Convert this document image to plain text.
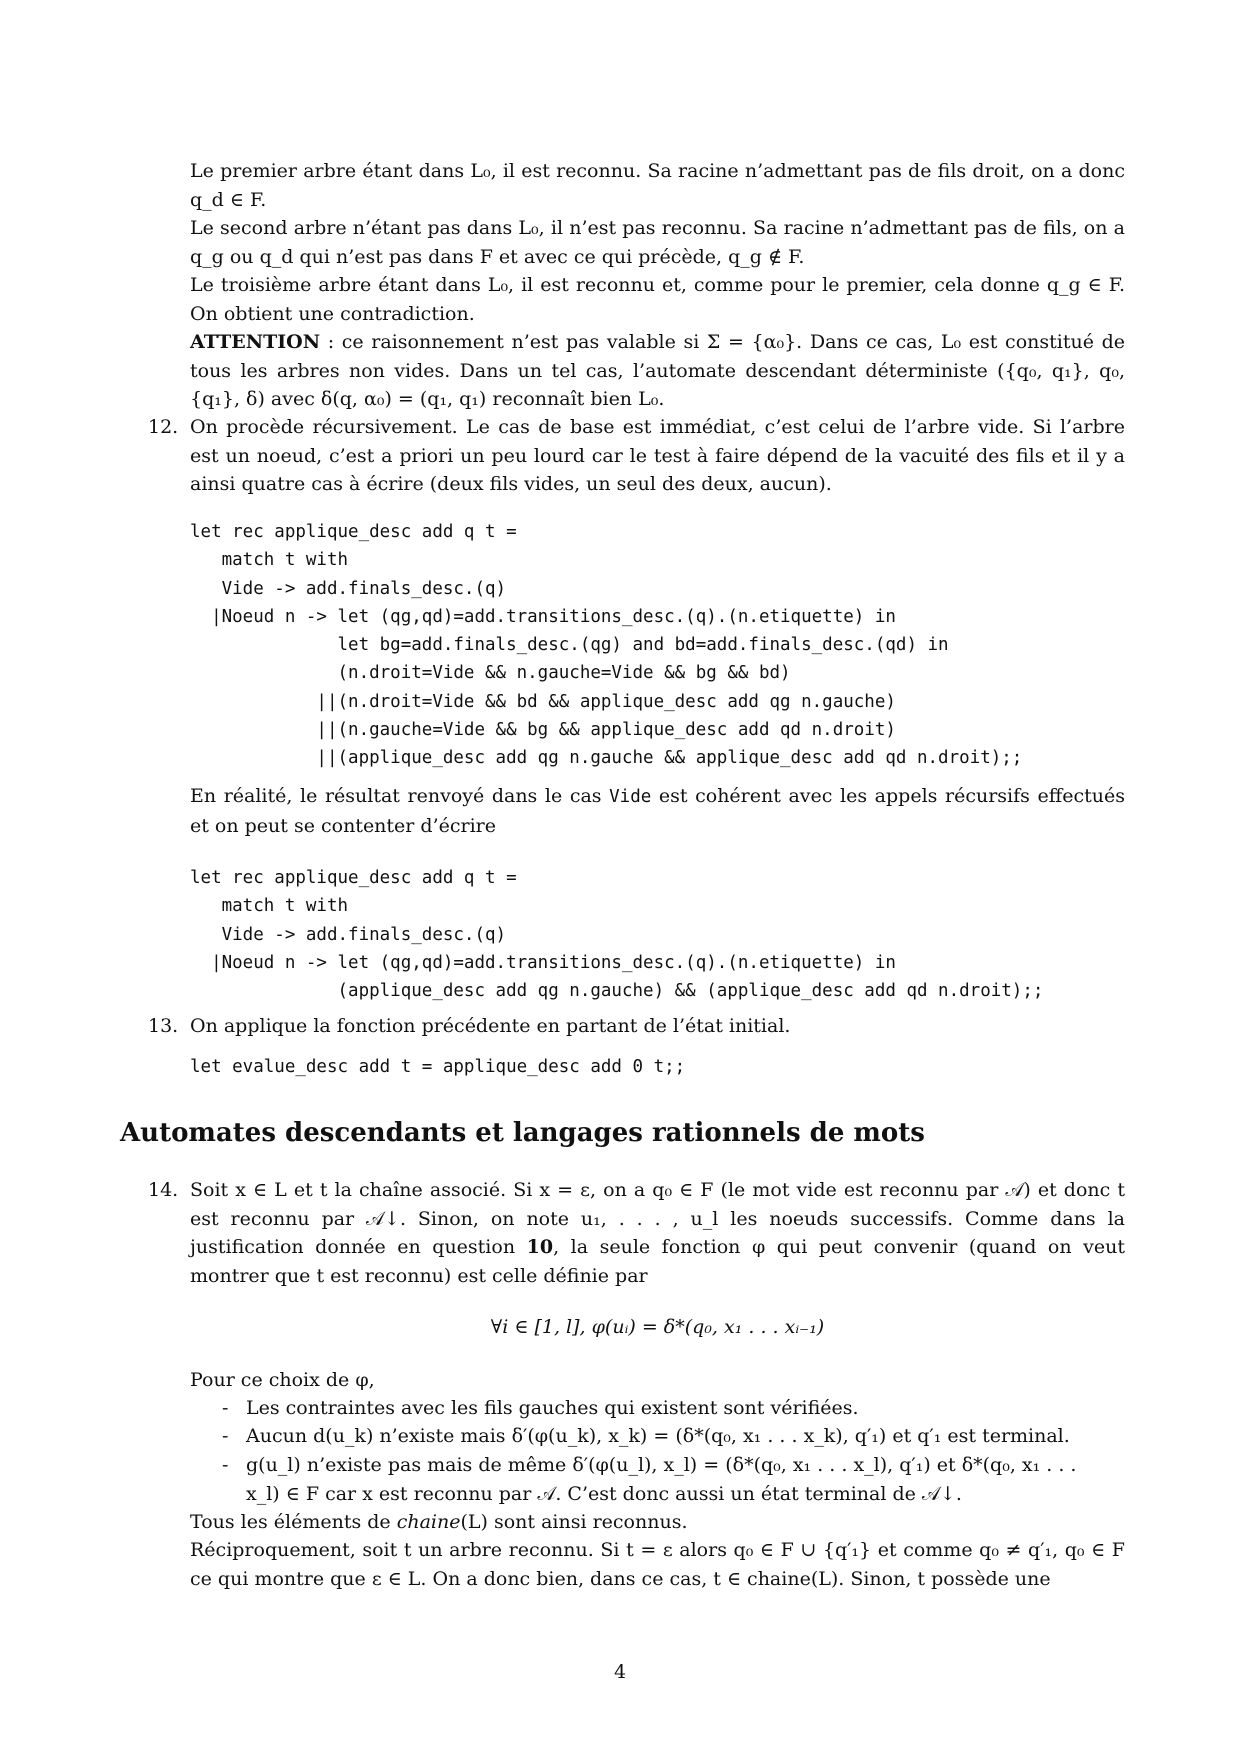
Le premier arbre étant dans L₀, il est reconnu. Sa racine n’admettant pas de fils droit, on a donc q_d ∈ F.
Le second arbre n’étant pas dans L₀, il n’est pas reconnu. Sa racine n’admettant pas de fils, on a q_g ou q_d qui n’est pas dans F et avec ce qui précède, q_g ∉ F.
Le troisième arbre étant dans L₀, il est reconnu et, comme pour le premier, cela donne q_g ∈ F. On obtient une contradiction.
ATTENTION : ce raisonnement n’est pas valable si Σ = {α₀}. Dans ce cas, L₀ est constitué de tous les arbres non vides. Dans un tel cas, l’automate descendant déterministe ({q₀, q₁}, q₀, {q₁}, δ) avec δ(q, α₀) = (q₁, q₁) reconnaît bien L₀.
12. On procède récursivement. Le cas de base est immédiat, c’est celui de l’arbre vide. Si l’arbre est un noeud, c’est a priori un peu lourd car le test à faire dépend de la vacuité des fils et il y a ainsi quatre cas à écrire (deux fils vides, un seul des deux, aucun).
let rec applique_desc add q t =
match t with
Vide -> add.finals_desc.(q)
|Noeud n -> let (qg,qd)=add.transitions_desc.(q).(n.etiquette) in
let bg=add.finals_desc.(qg) and bd=add.finals_desc.(qd) in
(n.droit=Vide && n.gauche=Vide && bg && bd)
||(n.droit=Vide && bd && applique_desc add qg n.gauche)
||(n.gauche=Vide && bg && applique_desc add qd n.droit)
||(applique_desc add qg n.gauche && applique_desc add qd n.droit);;
En réalité, le résultat renvoyé dans le cas Vide est cohérent avec les appels récursifs effectués et on peut se contenter d’écrire
let rec applique_desc add q t =
match t with
Vide -> add.finals_desc.(q)
|Noeud n -> let (qg,qd)=add.transitions_desc.(q).(n.etiquette) in
(applique_desc add qg n.gauche) && (applique_desc add qd n.droit);;
13. On applique la fonction précédente en partant de l’état initial.
let evalue_desc add t = applique_desc add 0 t;;
Automates descendants et langages rationnels de mots
14. Soit x ∈ L et t la chaîne associé. Si x = ε, on a q₀ ∈ F (le mot vide est reconnu par 𝒜) et donc t est reconnu par 𝒜↓. Sinon, on note u₁, . . . , u_l les noeuds successifs. Comme dans la justification donnée en question 10, la seule fonction φ qui peut convenir (quand on veut montrer que t est reconnu) est celle définie par
∀i ∈ [1, l], φ(uᵢ) = δ*(q₀, x₁ . . . xᵢ₋₁)
Pour ce choix de φ,
- Les contraintes avec les fils gauches qui existent sont vérifiées.
- Aucun d(u_k) n’existe mais δ′(φ(u_k), x_k) = (δ*(q₀, x₁ . . . x_k), q′₁) et q′₁ est terminal.
- g(u_l) n’existe pas mais de même δ′(φ(u_l), x_l) = (δ*(q₀, x₁ . . . x_l), q′₁) et δ*(q₀, x₁ . . . x_l) ∈ F car x est reconnu par 𝒜. C’est donc aussi un état terminal de 𝒜↓.
Tous les éléments de chaine(L) sont ainsi reconnus.
Réciproquement, soit t un arbre reconnu. Si t = ε alors q₀ ∈ F ∪ {q′₁} et comme q₀ ≠ q′₁, q₀ ∈ F ce qui montre que ε ∈ L. On a donc bien, dans ce cas, t ∈ chaine(L). Sinon, t possède une
4
